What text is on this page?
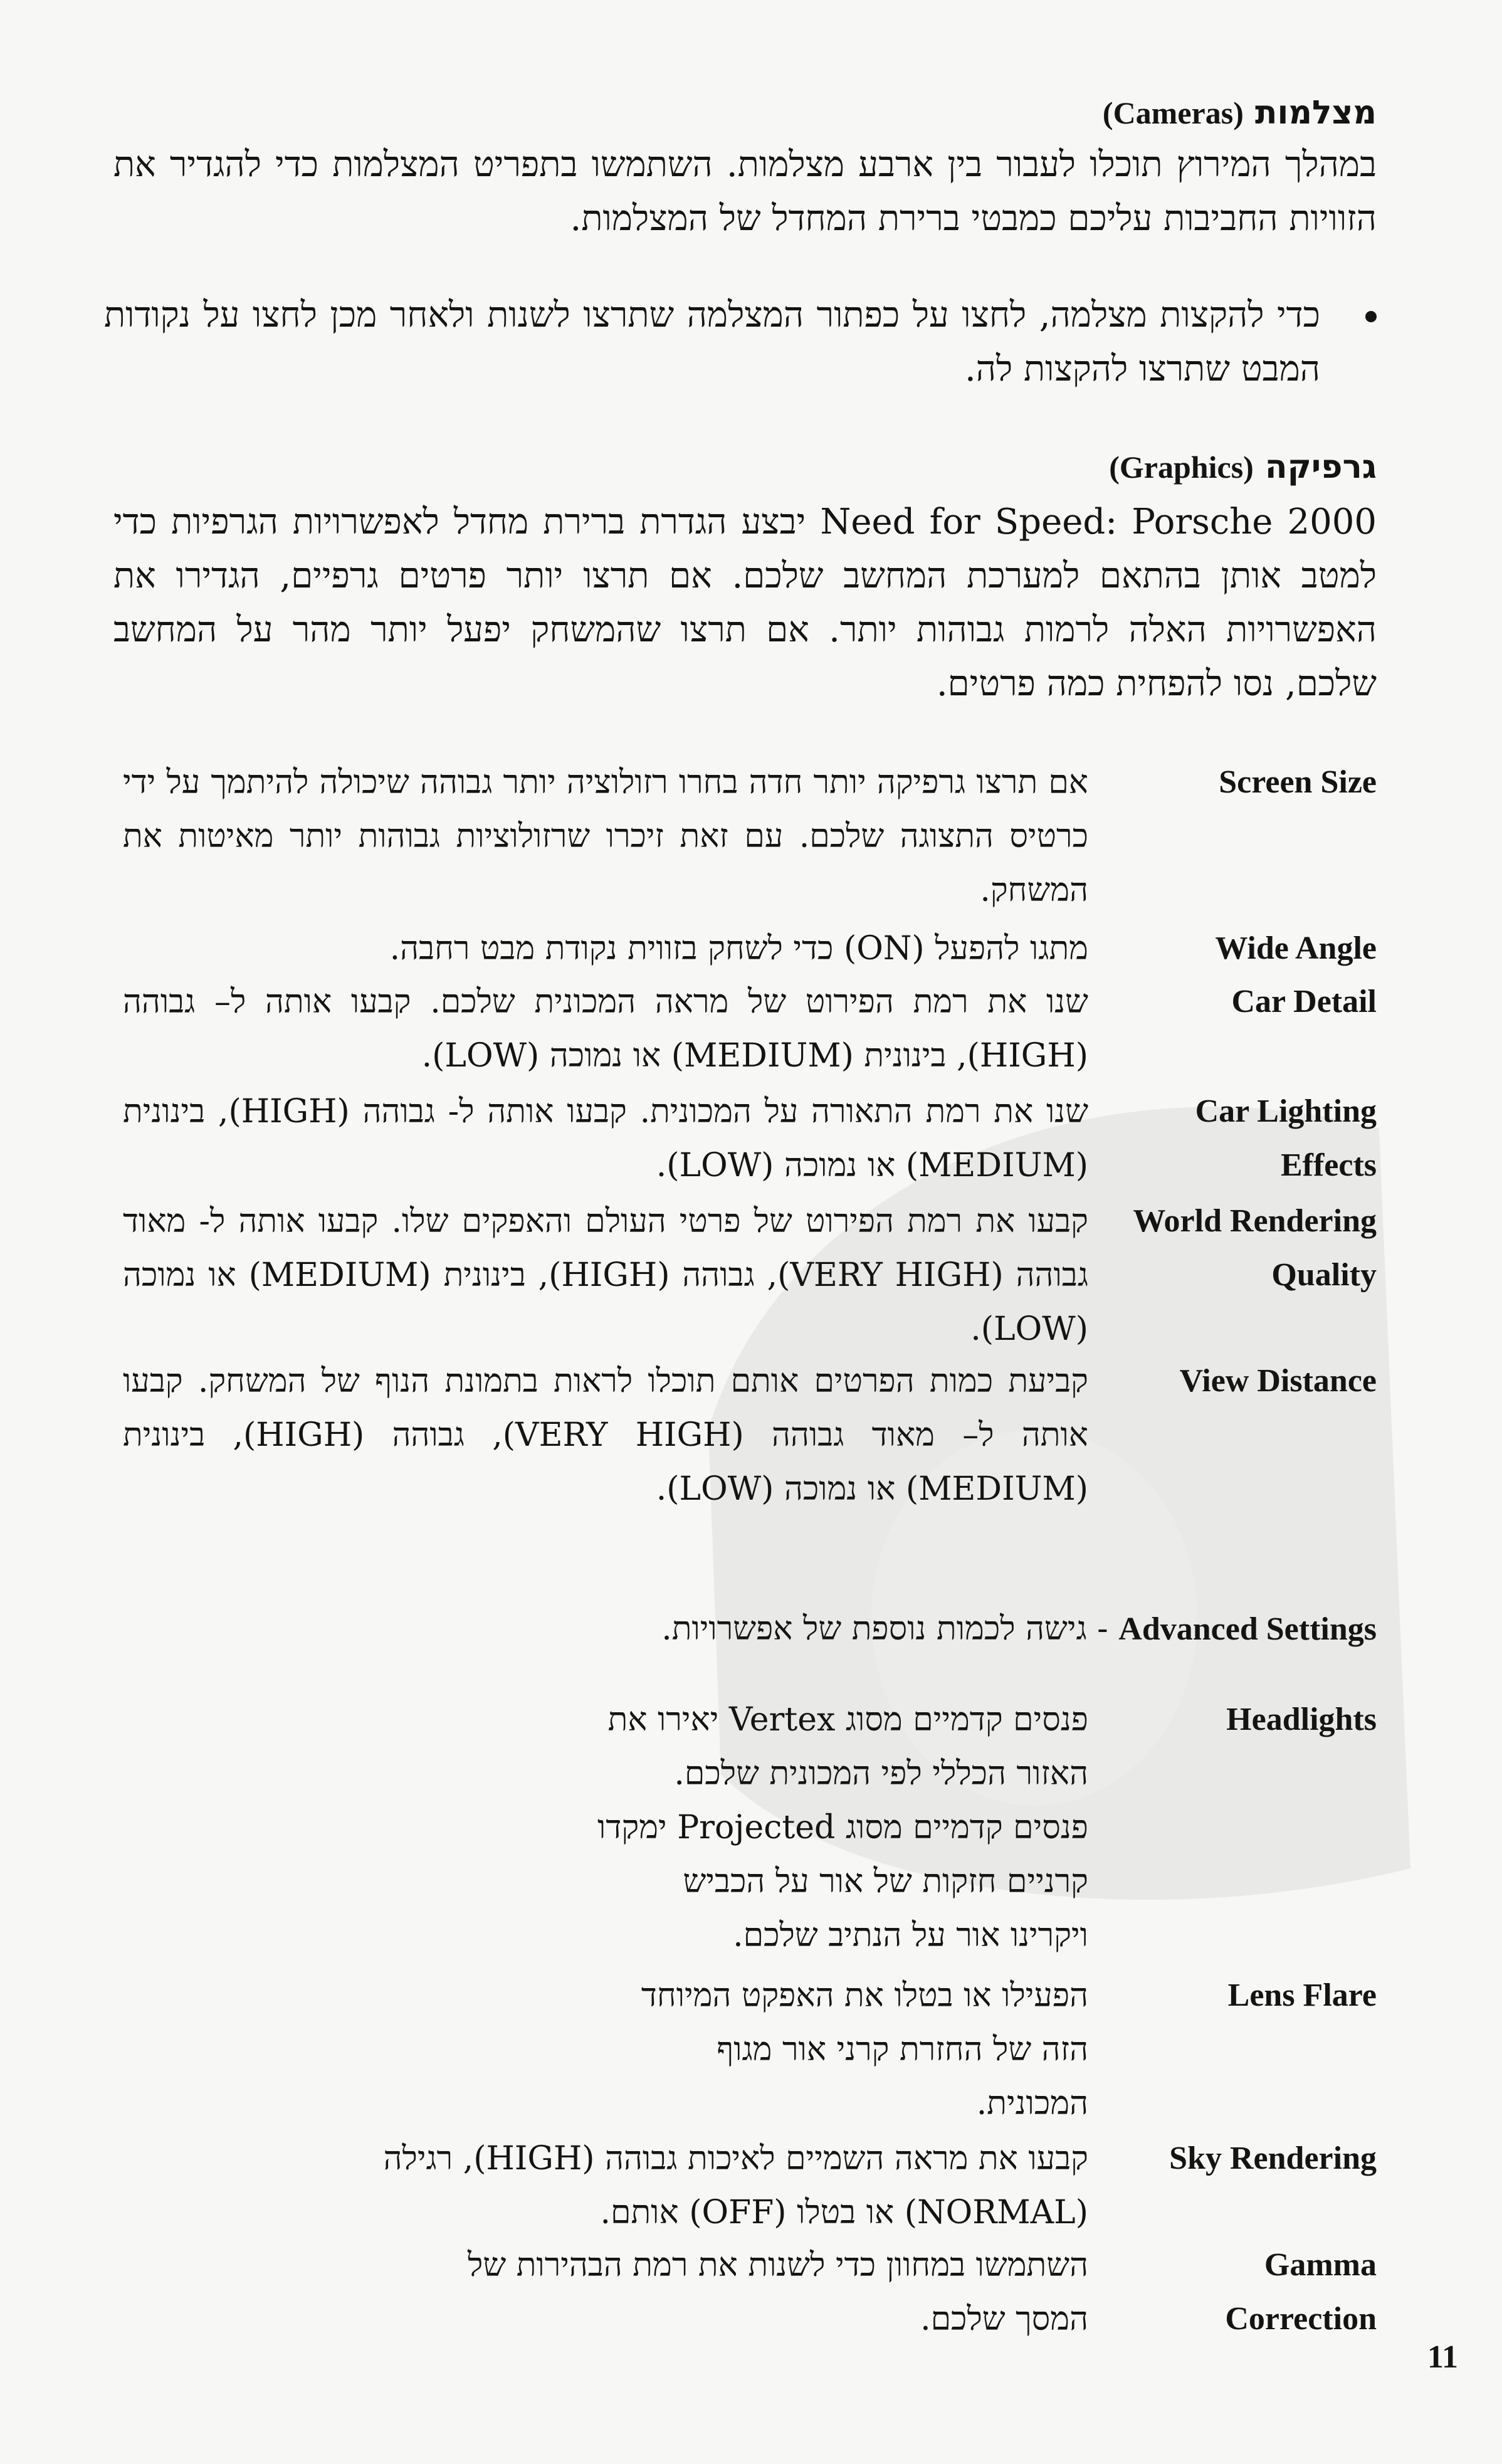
מצלמות (Cameras)
במהלך המירוץ תוכלו לעבור בין ארבע מצלמות. השתמשו בתפריט המצלמות כדי להגדיר את הזוויות החביבות עליכם כמבטי ברירת המחדל של המצלמות.
כדי להקצות מצלמה, לחצו על כפתור המצלמה שתרצו לשנות ולאחר מכן לחצו על נקודות המבט שתרצו להקצות לה.
גרפיקה (Graphics)
Need for Speed: Porsche 2000 יבצע הגדרת ברירת מחדל לאפשרויות הגרפיות כדי למטב אותן בהתאם למערכת המחשב שלכם. אם תרצו יותר פרטים גרפיים, הגדירו את האפשרויות האלה לרמות גבוהות יותר. אם תרצו שהמשחק יפעל יותר מהר על המחשב שלכם, נסו להפחית כמה פרטים.
Screen Size
אם תרצו גרפיקה יותר חדה בחרו רזולוציה יותר גבוהה שיכולה להיתמך על ידי כרטיס התצוגה שלכם. עם זאת זיכרו שרזולוציות גבוהות יותר מאיטות את המשחק.
Wide Angle
מתגו להפעל (ON) כדי לשחק בזווית נקודת מבט רחבה.
Car Detail
שנו את רמת הפירוט של מראה המכונית שלכם. קבעו אותה ל– גבוהה (HIGH), בינונית (MEDIUM) או נמוכה (LOW).
Car Lighting
Effects
שנו את רמת התאורה על המכונית. קבעו אותה ל- גבוהה (HIGH), בינונית (MEDIUM) או נמוכה (LOW).
World Rendering
Quality
קבעו את רמת הפירוט של פרטי העולם והאפקים שלו. קבעו אותה ל- מאוד גבוהה (VERY HIGH), גבוהה (HIGH), בינונית (MEDIUM) או נמוכה (LOW).
View Distance
קביעת כמות הפרטים אותם תוכלו לראות בתמונת הנוף של המשחק. קבעו אותה ל– מאוד גבוהה (VERY HIGH), גבוהה (HIGH), בינונית (MEDIUM) או נמוכה (LOW).
Advanced Settings - גישה לכמות נוספת של אפשרויות.
Headlights
פנסים קדמיים מסוג Vertex יאירו את
האזור הכללי לפי המכונית שלכם.
פנסים קדמיים מסוג Projected ימקדו
קרניים חזקות של אור על הכביש
ויקרינו אור על הנתיב שלכם.
Lens Flare
הפעילו או בטלו את האפקט המיוחד
הזה של החזרת קרני אור מגוף
המכונית.
Sky Rendering
קבעו את מראה השמיים לאיכות גבוהה (HIGH), רגילה
(NORMAL) או בטלו (OFF) אותם.
Gamma
Correction
השתמשו במחוון כדי לשנות את רמת הבהירות של
המסך שלכם.
11
